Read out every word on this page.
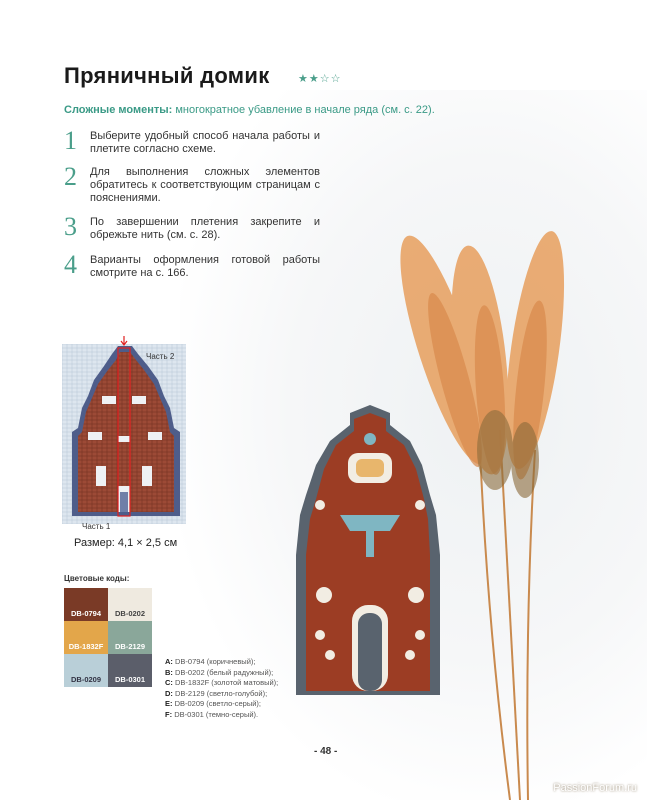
Пряничный домик	★★☆☆
Сложные моменты: многократное убавление в начале ряда (см. с. 22).
1 Выберите удобный способ начала работы и плетите согласно схеме.
2 Для выполнения сложных элементов обратитесь к соответствующим страницам с пояснениями.
3 По завершении плетения закрепите и обрежьте нить (см. с. 28).
4 Варианты оформления готовой работы смотрите на с. 166.
Часть 2
Часть 1
Размер: 4,1 × 2,5 см
Цветовые коды:
DB-0794	DB-0202
DB-1832F	DB-2129
DB-0209	DB-0301
A: DB-0794 (коричневый);
B: DB-0202 (белый радужный);
C: DB-1832F (золотой матовый);
D: DB-2129 (светло-голубой);
E: DB-0209 (светло-серый);
F: DB-0301 (темно-серый).
- 48 -
PassionForum.ru
